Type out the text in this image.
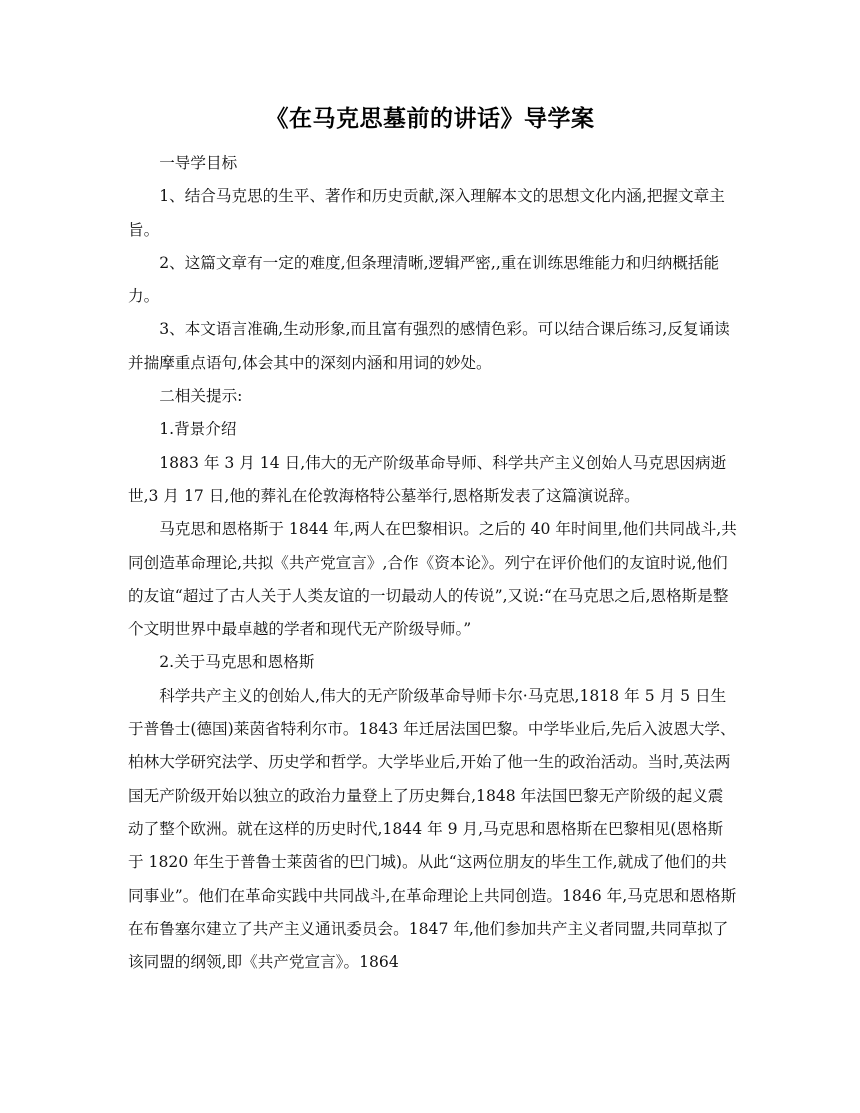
《在马克思墓前的讲话》导学案

一导学目标

1、结合马克思的生平、著作和历史贡献,深入理解本文的思想文化内涵,把握文章主旨。

2、这篇文章有一定的难度,但条理清晰,逻辑严密,,重在训练思维能力和归纳概括能力。

3、本文语言准确,生动形象,而且富有强烈的感情色彩。可以结合课后练习,反复诵读并揣摩重点语句,体会其中的深刻内涵和用词的妙处。

二相关提示:

1.背景介绍

1883 年 3 月 14 日,伟大的无产阶级革命导师、科学共产主义创始人马克思因病逝世,3 月 17 日,他的葬礼在伦敦海格特公墓举行,恩格斯发表了这篇演说辞。

马克思和恩格斯于 1844 年,两人在巴黎相识。之后的 40 年时间里,他们共同战斗,共同创造革命理论,共拟《共产党宣言》,合作《资本论》。列宁在评价他们的友谊时说,他们的友谊“超过了古人关于人类友谊的一切最动人的传说”,又说:“在马克思之后,恩格斯是整个文明世界中最卓越的学者和现代无产阶级导师。”

2.关于马克思和恩格斯

科学共产主义的创始人,伟大的无产阶级革命导师卡尔·马克思,1818 年 5 月 5 日生于普鲁士(德国)莱茵省特利尔市。1843 年迁居法国巴黎。中学毕业后,先后入波恩大学、柏林大学研究法学、历史学和哲学。大学毕业后,开始了他一生的政治活动。当时,英法两国无产阶级开始以独立的政治力量登上了历史舞台,1848 年法国巴黎无产阶级的起义震动了整个欧洲。就在这样的历史时代,1844 年 9 月,马克思和恩格斯在巴黎相见(恩格斯于 1820 年生于普鲁士莱茵省的巴门城)。从此“这两位朋友的毕生工作,就成了他们的共同事业”。他们在革命实践中共同战斗,在革命理论上共同创造。1846 年,马克思和恩格斯在布鲁塞尔建立了共产主义通讯委员会。1847 年,他们参加共产主义者同盟,共同草拟了该同盟的纲领,即《共产党宣言》。1864
